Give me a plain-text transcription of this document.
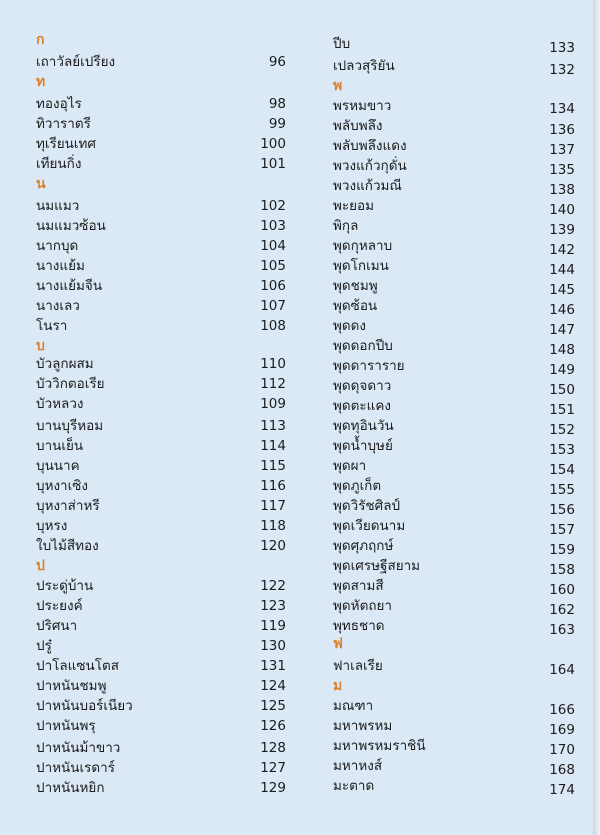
ก
เถาวัลย์เปรียง	96
ท
ทองอุไร	98
ทิวาราตรี	99
ทุเรียนเทศ	100
เทียนกิ่ง	101
น
นมแมว	102
นมแมวซ้อน	103
นากบุด	104
นางแย้ม	105
นางแย้มจีน	106
นางเลว	107
โนรา	108
บ
บัวลูกผสม	110
บัววิกตอเรีย	112
บัวหลวง	109
บานบุรีหอม	113
บานเย็น	114
บุนนาค	115
บุหงาเซิง	116
บุหงาส่าหรี	117
บุหรง	118
ใบไม้สีทอง	120
ป
ประดู่บ้าน	122
ประยงค์	123
ปริศนา	119
ปรู๋	130
ปาโลแซนโตส	131
ปาหนันชมพู	124
ปาหนันบอร์เนียว	125
ปาหนันพรุ	126
ปาหนันม้าขาว	128
ปาหนันเรดาร์	127
ปาหนันหยิก	129
ปีบ	133
เปลวสุริยัน	132
พ
พรหมขาว	134
พลับพลึง	136
พลับพลึงแดง	137
พวงแก้วกุดั่น	135
พวงแก้วมณี	138
พะยอม	140
พิกุล	139
พุดกุหลาบ	142
พุดโกเมน	144
พุดชมพู	145
พุดซ้อน	146
พุดดง	147
พุดดอกปีบ	148
พุดดาราราย	149
พุดดุจดาว	150
พุดตะแคง	151
พุดทุอินวัน	152
พุดน้ำบุษย์	153
พุดผา	154
พุดภูเก็ต	155
พุดวิรัชศิลป์	156
พุดเวียดนาม	157
พุดศุภฤกษ์	159
พุดเศรษฐีสยาม	158
พุดสามสี	160
พุดหัตถยา	162
พุทธชาด	163
ฟ
ฟาเลเรีย	164
ม
มณฑา	166
มหาพรหม	169
มหาพรหมราชินี	170
มหาหงส์	168
มะตาด	174
